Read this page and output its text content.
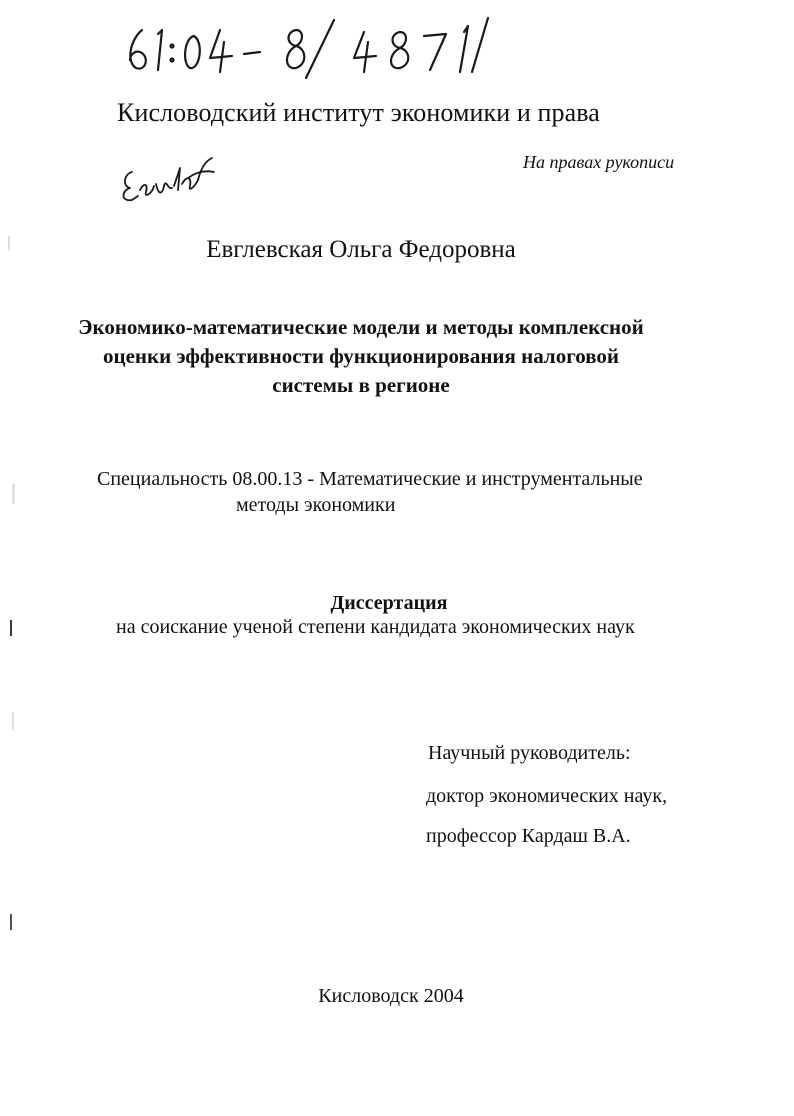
Кисловодский институт экономики и права
На правах рукописи
Евглевская Ольга Федоровна
Экономико-математические модели и методы комплексной
оценки эффективности функционирования налоговой
системы в регионе
Специальность 08.00.13 - Математические и инструментальные
методы экономики
Диссертация
на соискание ученой степени кандидата экономических наук
Научный руководитель:
доктор экономических наук,
профессор Кардаш В.А.
Кисловодск 2004
